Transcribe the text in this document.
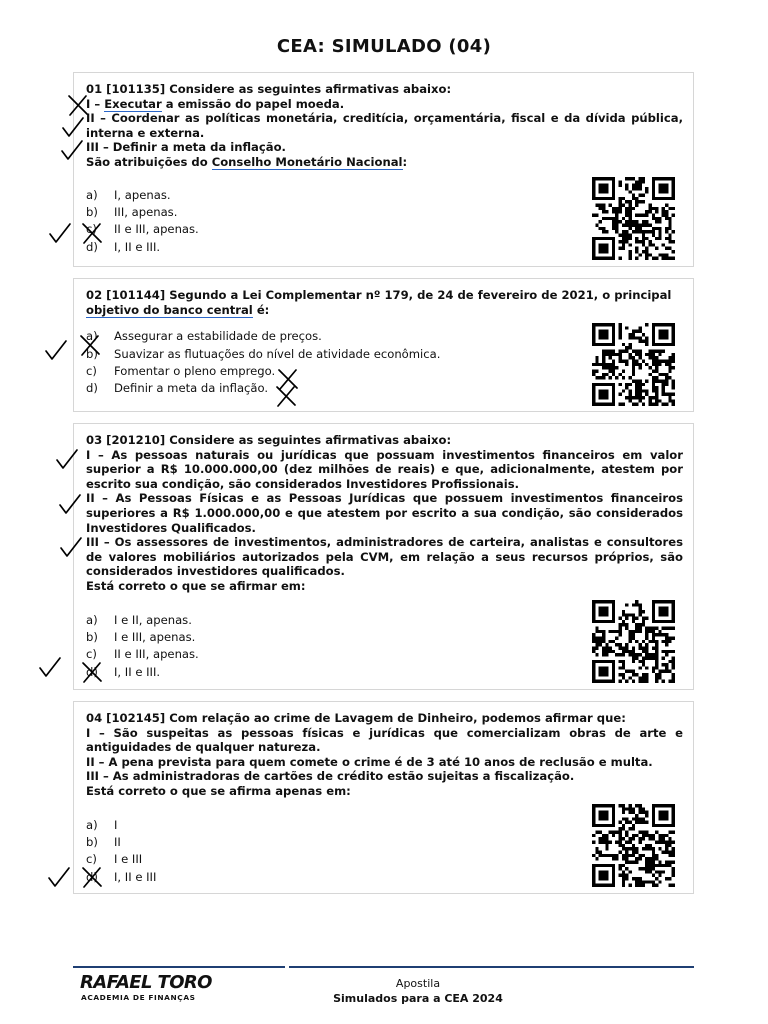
CEA: SIMULADO (04)
01 [101135] Considere as seguintes afirmativas abaixo:
I – Executar a emissão do papel moeda.
II – Coordenar as políticas monetária, creditícia, orçamentária, fiscal e da dívida pública, interna e externa.
III – Definir a meta da inflação.
São atribuições do Conselho Monetário Nacional:
a) I, apenas.
b) III, apenas.
c) II e III, apenas.
d) I, II e III.
02 [101144] Segundo a Lei Complementar nº 179, de 24 de fevereiro de 2021, o principal
objetivo do banco central é:
a) Assegurar a estabilidade de preços.
b) Suavizar as flutuações do nível de atividade econômica.
c) Fomentar o pleno emprego.
d) Definir a meta da inflação.
03 [201210] Considere as seguintes afirmativas abaixo:
I – As pessoas naturais ou jurídicas que possuam investimentos financeiros em valor superior a R$ 10.000.000,00 (dez milhões de reais) e que, adicionalmente, atestem por escrito sua condição, são considerados Investidores Profissionais.
II – As Pessoas Físicas e as Pessoas Jurídicas que possuem investimentos financeiros superiores a R$ 1.000.000,00 e que atestem por escrito a sua condição, são considerados Investidores Qualificados.
III – Os assessores de investimentos, administradores de carteira, analistas e consultores de valores mobiliários autorizados pela CVM, em relação a seus recursos próprios, são considerados investidores qualificados.
Está correto o que se afirmar em:
a) I e II, apenas.
b) I e III, apenas.
c) II e III, apenas.
d) I, II e III.
04 [102145] Com relação ao crime de Lavagem de Dinheiro, podemos afirmar que:
I – São suspeitas as pessoas físicas e jurídicas que comercializam obras de arte e antiguidades de qualquer natureza.
II – A pena prevista para quem comete o crime é de 3 até 10 anos de reclusão e multa.
III – As administradoras de cartões de crédito estão sujeitas a fiscalização.
Está correto o que se afirma apenas em:
a) I
b) II
c) I e III
d) I, II e III
RAFAEL TORO
ACADEMIA DE FINANÇAS
Apostila
Simulados para a CEA 2024
